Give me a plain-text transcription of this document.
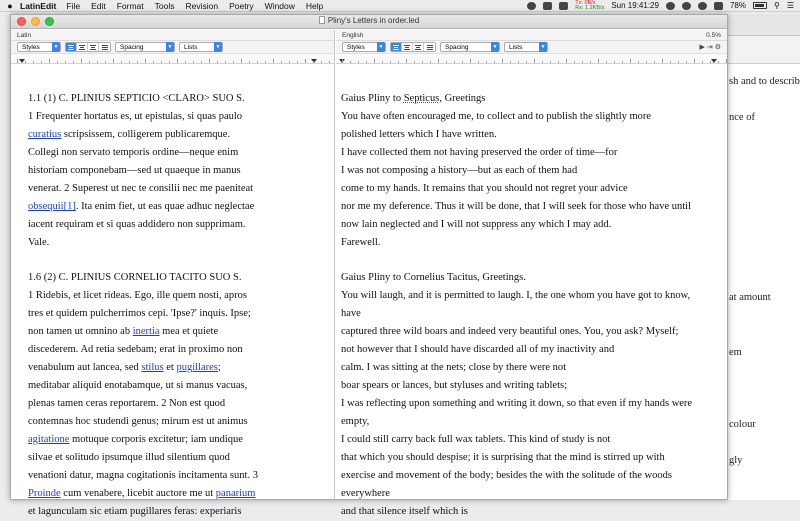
● LatinEdit File Edit Format Tools Revision Poetry Window Help	Tx: 0B/s
Rx: 1.2KB/s Sun 19:41:29	78%	⚲ ☰
sh and to describ
nce of
at amount
em
colour
gly
Pliny's Letters in order.led
Latin
Styles	▼	Spacing	▼ Lists	▼
1.1 (1) C. PLINIUS SEPTICIO <CLARO> SUO S.
1 Frequenter hortatus es, ut epistulas, si quas paulo
curatius scripsissem, colligerem publicaremque.
Collegi non servato temporis ordine—neque enim
historiam componebam—sed ut quaeque in manus
venerat. 2 Superest ut nec te consilii nec me paeniteat
obsequii[1]. Ita enim fiet, ut eas quae adhuc neglectae
iacent requiram et si quas addidero non supprimam.
Vale.
1.6 (2) C. PLINIUS CORNELIO TACITO SUO S.
1 Ridebis, et licet rideas. Ego, ille quem nosti, apros
tres et quidem pulcherrimos cepi. 'Ipse?' inquis. Ipse;
non tamen ut omnino ab inertia mea et quiete
discederem. Ad retia sedebam; erat in proximo non
venabulum aut lancea, sed stilus et pugillares;
meditabar aliquid enotabamque, ut si manus vacuas,
plenas tamen ceras reportarem. 2 Non est quod
contemnas hoc studendi genus; mirum est ut animus
agitatione motuque corporis excitetur; iam undique
silvae et solitudo ipsumque illud silentium quod
venationi datur, magna cogitationis incitamenta sunt. 3
Proinde cum venabere, licebit auctore me ut panarium
et lagunculam sic etiam pugillares feras: experiaris
English	0.5%
Styles	▼	Spacing	▼ Lists	▼	▶ ⇥ ⚙
Gaius Pliny to Septicus, Greetings
You have often encouraged me, to collect and to publish the slightly more
polished letters which I have written.
I have collected them not having preserved the order of time—for
I was not composing a history—but as each of them had
come to my hands. It remains that you should not regret your advice
nor me my deference. Thus it will be done, that I will seek for those who have until
now lain neglected and I will not suppress any which I may add.
Farewell.
Gaius Pliny to Cornelius Tacitus, Greetings.
You will laugh, and it is permitted to laugh. I, the one whom you have got to know,
have
captured three wild boars and indeed very beautiful ones. You, you ask? Myself;
not however that I should have discarded all of my inactivity and
calm. I was sitting at the nets; close by there were not
boar spears or lances, but styluses and writing tablets;
I was reflecting upon something and writing it down, so that even if my hands were
empty,
I could still carry back full wax tablets. This kind of study is not
that which you should despise; it is surprising that the mind is stirred up with
exercise and movement of the body; besides the with the solitude of the woods
everywhere
and that silence itself which is
